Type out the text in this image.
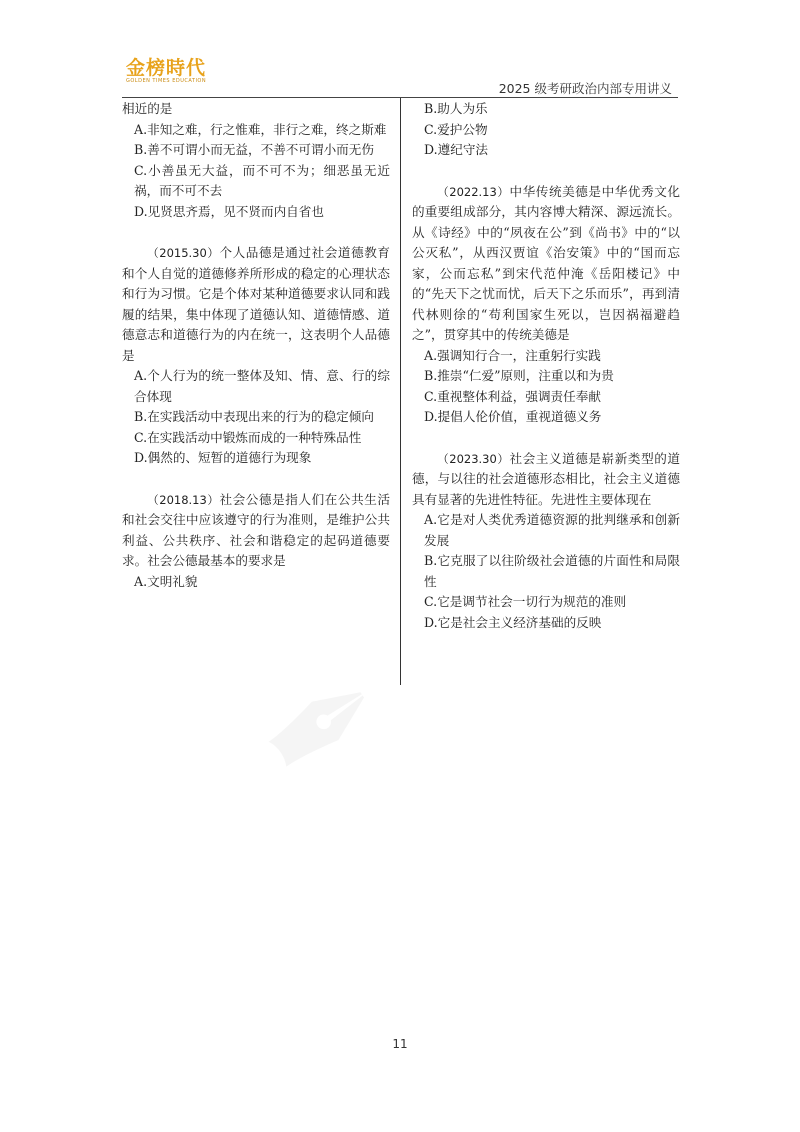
金榜時代
GOLDEN TIMES EDUCATION	2025 级考研政治内部专用讲义
✒

相近的是

A.非知之难，行之惟难，非行之难，终之斯难

B.善不可谓小而无益，不善不可谓小而无伤

C.小善虽无大益，而不可不为；细恶虽无近祸，而不可不去

D.见贤思齐焉，见不贤而内自省也

（2015.30）个人品德是通过社会道德教育和个人自觉的道德修养所形成的稳定的心理状态和行为习惯。它是个体对某种道德要求认同和践履的结果，集中体现了道德认知、道德情感、道德意志和道德行为的内在统一，这表明个人品德是

A.个人行为的统一整体及知、情、意、行的综合体现

B.在实践活动中表现出来的行为的稳定倾向

C.在实践活动中锻炼而成的一种特殊品性

D.偶然的、短暂的道德行为现象

（2018.13）社会公德是指人们在公共生活和社会交往中应该遵守的行为准则，是维护公共利益、公共秩序、社会和谐稳定的起码道德要求。社会公德最基本的要求是

A.文明礼貌

B.助人为乐

C.爱护公物

D.遵纪守法

（2022.13）中华传统美德是中华优秀文化的重要组成部分，其内容博大精深、源远流长。从《诗经》中的“夙夜在公”到《尚书》中的“以公灭私”，从西汉贾谊《治安策》中的“国而忘家，公而忘私”到宋代范仲淹《岳阳楼记》中的“先天下之忧而忧，后天下之乐而乐”，再到清代林则徐的“苟利国家生死以，岂因祸福避趋之”，贯穿其中的传统美德是

A.强调知行合一，注重躬行实践

B.推崇“仁爱”原则，注重以和为贵

C.重视整体利益，强调责任奉献

D.提倡人伦价值，重视道德义务

（2023.30）社会主义道德是崭新类型的道德，与以往的社会道德形态相比，社会主义道德具有显著的先进性特征。先进性主要体现在

A.它是对人类优秀道德资源的批判继承和创新发展

B.它克服了以往阶级社会道德的片面性和局限性

C.它是调节社会一切行为规范的准则

D.它是社会主义经济基础的反映

11
